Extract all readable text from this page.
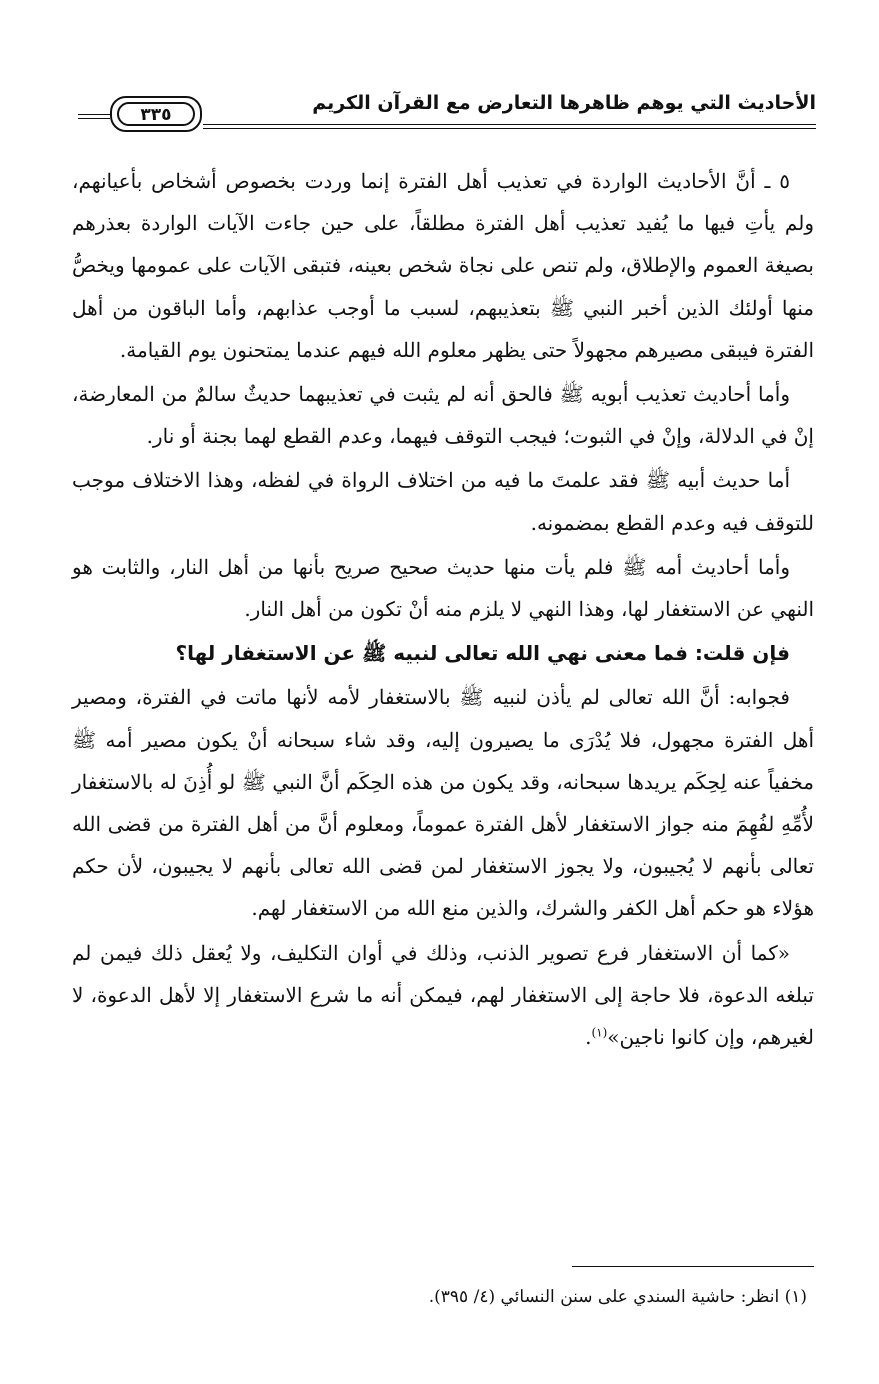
الأحاديث التي يوهم ظاهرها التعارض مع القرآن الكريم
٣٣٥

٥ ـ أنَّ الأحاديث الواردة في تعذيب أهل الفترة إنما وردت بخصوص أشخاص بأعيانهم، ولم يأتِ فيها ما يُفيد تعذيب أهل الفترة مطلقاً، على حين جاءت الآيات الواردة بعذرهم بصيغة العموم والإطلاق، ولم تنص على نجاة شخص بعينه، فتبقى الآيات على عمومها ويخصُّ منها أولئك الذين أخبر النبي ﷺ بتعذيبهم، لسبب ما أوجب عذابهم، وأما الباقون من أهل الفترة فيبقى مصيرهم مجهولاً حتى يظهر معلوم الله فيهم عندما يمتحنون يوم القيامة.

وأما أحاديث تعذيب أبويه ﷺ فالحق أنه لم يثبت في تعذيبهما حديثٌ سالمٌ من المعارضة، إنْ في الدلالة، وإنْ في الثبوت؛ فيجب التوقف فيهما، وعدم القطع لهما بجنة أو نار.

أما حديث أبيه ﷺ فقد علمتَ ما فيه من اختلاف الرواة في لفظه، وهذا الاختلاف موجب للتوقف فيه وعدم القطع بمضمونه.

وأما أحاديث أمه ﷺ فلم يأت منها حديث صحيح صريح بأنها من أهل النار، والثابت هو النهي عن الاستغفار لها، وهذا النهي لا يلزم منه أنْ تكون من أهل النار.

فإن قلت: فما معنى نهي الله تعالى لنبيه ﷺ عن الاستغفار لها؟

فجوابه: أنَّ الله تعالى لم يأذن لنبيه ﷺ بالاستغفار لأمه لأنها ماتت في الفترة، ومصير أهل الفترة مجهول، فلا يُدْرَى ما يصيرون إليه، وقد شاء سبحانه أنْ يكون مصير أمه ﷺ مخفياً عنه لِحِكَم يريدها سبحانه، وقد يكون من هذه الحِكَم أنَّ النبي ﷺ لو أُذِنَ له بالاستغفار لأُمِّهِ لفُهِمَ منه جواز الاستغفار لأهل الفترة عموماً، ومعلوم أنَّ من أهل الفترة من قضى الله تعالى بأنهم لا يُجيبون، ولا يجوز الاستغفار لمن قضى الله تعالى بأنهم لا يجيبون، لأن حكم هؤلاء هو حكم أهل الكفر والشرك، والذين منع الله من الاستغفار لهم.

«كما أن الاستغفار فرع تصوير الذنب، وذلك في أوان التكليف، ولا يُعقل ذلك فيمن لم تبلغه الدعوة، فلا حاجة إلى الاستغفار لهم، فيمكن أنه ما شرع الاستغفار إلا لأهل الدعوة، لا لغيرهم، وإن كانوا ناجين»$^{(١)}$.

(١) انظر: حاشية السندي على سنن النسائي (٤/ ٣٩٥).
